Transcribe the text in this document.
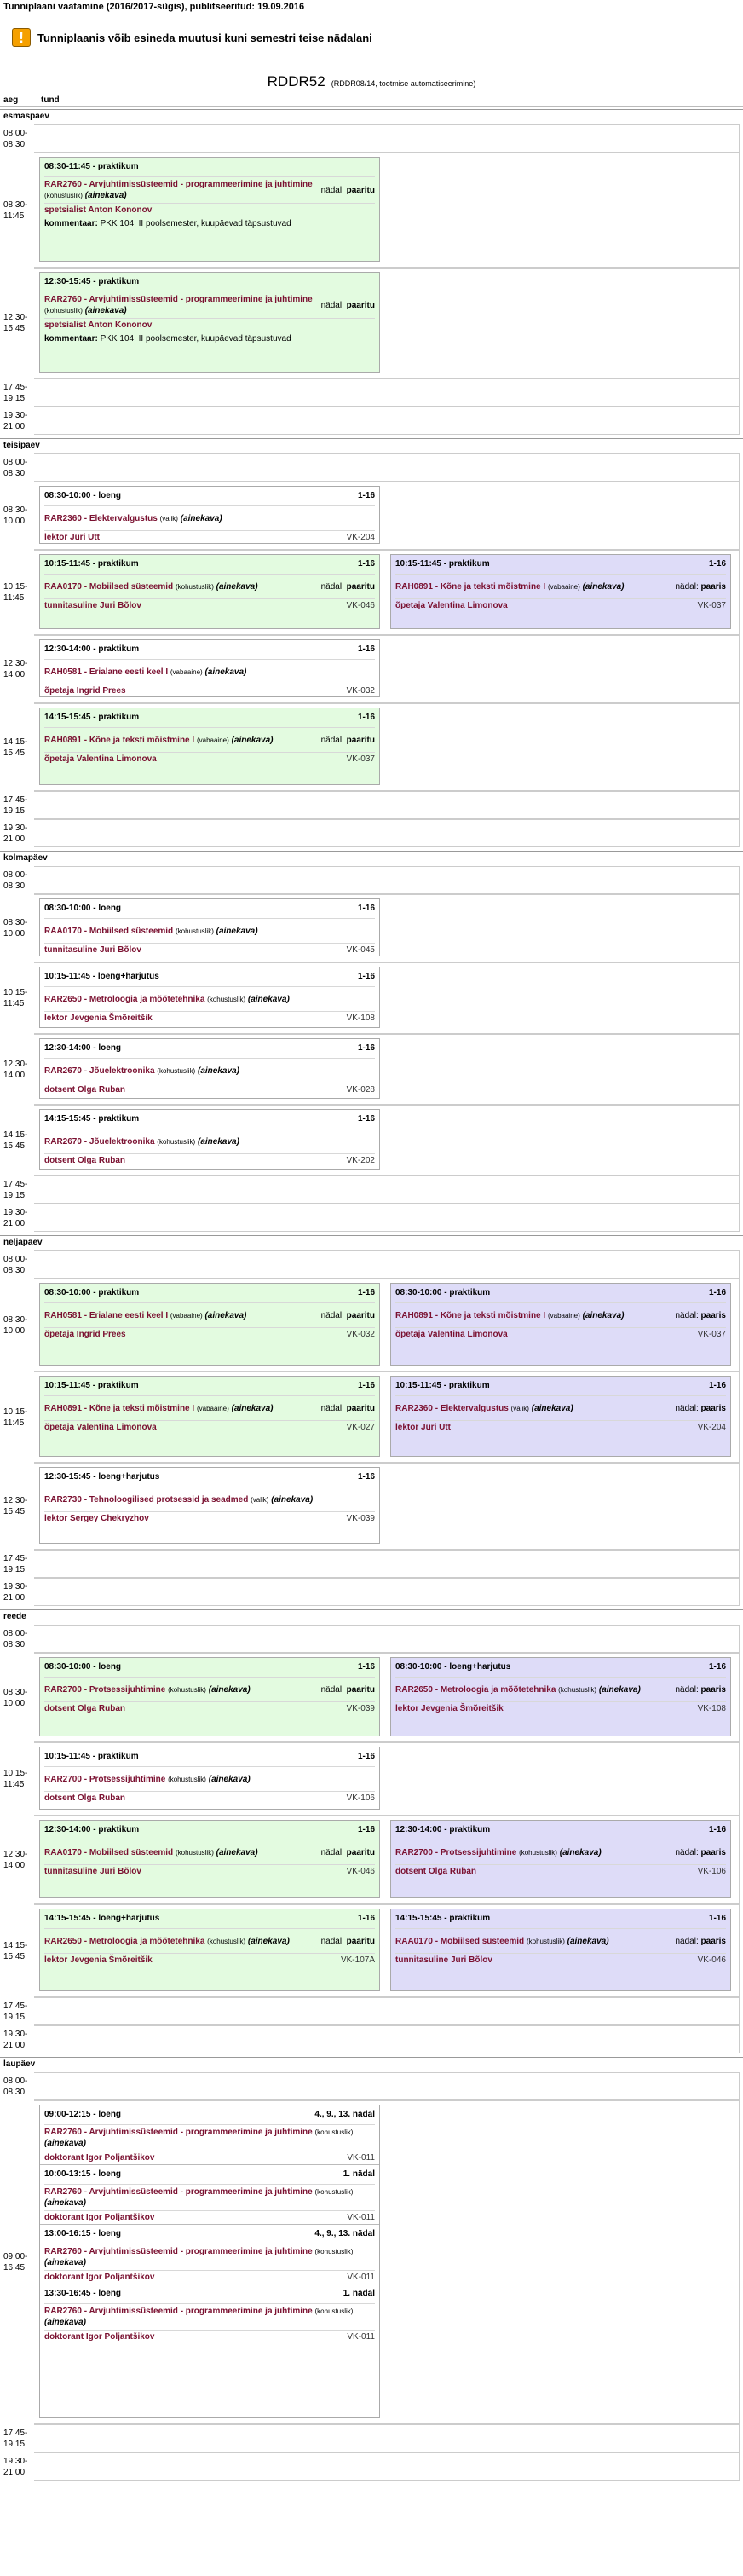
Tunniplaani vaatamine (2016/2017-sügis), publitseeritud: 19.09.2016
!	Tunniplaanis võib esineda muutusi kuni semestri teise nädalani
RDDR52 (RDDR08/14, tootmise automatiseerimine)
aeg	tund
esmaspäev
08:00-
08:30
08:30-
11:45
08:30-11:45 - praktikum
RAR2760 - Arvjuhtimissüsteemid - programmeerimine ja juhtimine (kohustuslik) (ainekava)
nädal: paaritu
spetsialist Anton Kononov
kommentaar: PKK 104; II poolsemester, kuupäevad täpsustuvad
12:30-
15:45
12:30-15:45 - praktikum
RAR2760 - Arvjuhtimissüsteemid - programmeerimine ja juhtimine (kohustuslik) (ainekava)
nädal: paaritu
spetsialist Anton Kononov
kommentaar: PKK 104; II poolsemester, kuupäevad täpsustuvad
17:45-
19:15
19:30-
21:00
teisipäev
08:00-
08:30
08:30-
10:00
08:30-10:00 - loeng	1-16
RAR2360 - Elektervalgustus (valik) (ainekava)
lektor Jüri Utt	VK-204
10:15-
11:45
10:15-11:45 - praktikum	1-16
RAA0170 - Mobiilsed süsteemid (kohustuslik) (ainekava)	nädal: paaritu
tunnitasuline Juri Bõlov	VK-046
10:15-11:45 - praktikum	1-16
RAH0891 - Kõne ja teksti mõistmine I (vabaaine) (ainekava)	nädal: paaris
õpetaja Valentina Limonova	VK-037
12:30-
14:00
12:30-14:00 - praktikum	1-16
RAH0581 - Erialane eesti keel I (vabaaine) (ainekava)
õpetaja Ingrid Prees	VK-032
14:15-
15:45
14:15-15:45 - praktikum	1-16
RAH0891 - Kõne ja teksti mõistmine I (vabaaine) (ainekava)	nädal: paaritu
õpetaja Valentina Limonova	VK-037
17:45-
19:15
19:30-
21:00
kolmapäev
08:00-
08:30
08:30-
10:00
08:30-10:00 - loeng	1-16
RAA0170 - Mobiilsed süsteemid (kohustuslik) (ainekava)
tunnitasuline Juri Bõlov	VK-045
10:15-
11:45
10:15-11:45 - loeng+harjutus	1-16
RAR2650 - Metroloogia ja mõõtetehnika (kohustuslik) (ainekava)
lektor Jevgenia Šmõreitšik	VK-108
12:30-
14:00
12:30-14:00 - loeng	1-16
RAR2670 - Jõuelektroonika (kohustuslik) (ainekava)
dotsent Olga Ruban	VK-028
14:15-
15:45
14:15-15:45 - praktikum	1-16
RAR2670 - Jõuelektroonika (kohustuslik) (ainekava)
dotsent Olga Ruban	VK-202
17:45-
19:15
19:30-
21:00
neljapäev
08:00-
08:30
08:30-
10:00
08:30-10:00 - praktikum	1-16
RAH0581 - Erialane eesti keel I (vabaaine) (ainekava)	nädal: paaritu
õpetaja Ingrid Prees	VK-032
08:30-10:00 - praktikum	1-16
RAH0891 - Kõne ja teksti mõistmine I (vabaaine) (ainekava)	nädal: paaris
õpetaja Valentina Limonova	VK-037
10:15-
11:45
10:15-11:45 - praktikum	1-16
RAH0891 - Kõne ja teksti mõistmine I (vabaaine) (ainekava)	nädal: paaritu
õpetaja Valentina Limonova	VK-027
10:15-11:45 - praktikum	1-16
RAR2360 - Elektervalgustus (valik) (ainekava)	nädal: paaris
lektor Jüri Utt	VK-204
12:30-
15:45
12:30-15:45 - loeng+harjutus	1-16
RAR2730 - Tehnoloogilised protsessid ja seadmed (valik) (ainekava)
lektor Sergey Chekryzhov	VK-039
17:45-
19:15
19:30-
21:00
reede
08:00-
08:30
08:30-
10:00
08:30-10:00 - loeng	1-16
RAR2700 - Protsessijuhtimine (kohustuslik) (ainekava)	nädal: paaritu
dotsent Olga Ruban	VK-039
08:30-10:00 - loeng+harjutus	1-16
RAR2650 - Metroloogia ja mõõtetehnika (kohustuslik) (ainekava)	nädal: paaris
lektor Jevgenia Šmõreitšik	VK-108
10:15-
11:45
10:15-11:45 - praktikum	1-16
RAR2700 - Protsessijuhtimine (kohustuslik) (ainekava)
dotsent Olga Ruban	VK-106
12:30-
14:00
12:30-14:00 - praktikum	1-16
RAA0170 - Mobiilsed süsteemid (kohustuslik) (ainekava)	nädal: paaritu
tunnitasuline Juri Bõlov	VK-046
12:30-14:00 - praktikum	1-16
RAR2700 - Protsessijuhtimine (kohustuslik) (ainekava)	nädal: paaris
dotsent Olga Ruban	VK-106
14:15-
15:45
14:15-15:45 - loeng+harjutus	1-16
RAR2650 - Metroloogia ja mõõtetehnika (kohustuslik) (ainekava)	nädal: paaritu
lektor Jevgenia Šmõreitšik	VK-107A
14:15-15:45 - praktikum	1-16
RAA0170 - Mobiilsed süsteemid (kohustuslik) (ainekava)	nädal: paaris
tunnitasuline Juri Bõlov	VK-046
17:45-
19:15
19:30-
21:00
laupäev
08:00-
08:30
09:00-
16:45
09:00-12:15 - loeng	4., 9., 13. nädal
RAR2760 - Arvjuhtimissüsteemid - programmeerimine ja juhtimine (kohustuslik) (ainekava)
doktorant Igor Poljantšikov	VK-011
10:00-13:15 - loeng	1. nädal
RAR2760 - Arvjuhtimissüsteemid - programmeerimine ja juhtimine (kohustuslik) (ainekava)
doktorant Igor Poljantšikov	VK-011
13:00-16:15 - loeng	4., 9., 13. nädal
RAR2760 - Arvjuhtimissüsteemid - programmeerimine ja juhtimine (kohustuslik) (ainekava)
doktorant Igor Poljantšikov	VK-011
13:30-16:45 - loeng	1. nädal
RAR2760 - Arvjuhtimissüsteemid - programmeerimine ja juhtimine (kohustuslik) (ainekava)
doktorant Igor Poljantšikov	VK-011
17:45-
19:15
19:30-
21:00
